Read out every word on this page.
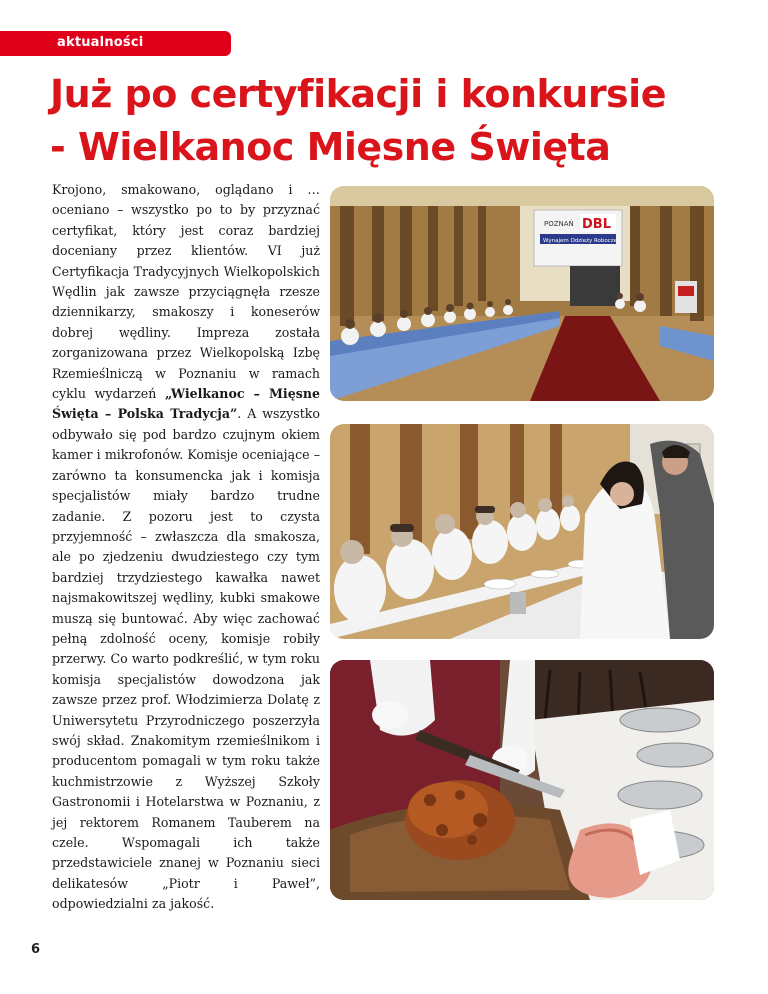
aktualności
Już po certyfikacji i konkursie
- Wielkanoc Mięsne Święta

Krojono, smakowano, oglądano i … oceniano – wszystko po to by przyznać certyfikat, który jest coraz bardziej doceniany przez klientów. VI już Certyfikacja Tradycyjnych Wielkopolskich Wędlin jak zawsze przyciągnęła rzesze dziennikarzy, smakoszy i koneserów dobrej wędliny. Impreza została zorganizowana przez Wielkopolską Izbę Rzemieślniczą w Poznaniu w ramach cyklu wydarzeń „Wielkanoc – Mięsne Święta – Polska Tradycja”. A wszystko odbywało się pod bardzo czujnym okiem kamer i mikrofonów. Komisje oceniające – zarówno ta konsumencka jak i komisja specjalistów miały bardzo trudne zadanie. Z pozoru jest to czysta przyjemność – zwłaszcza dla smakosza, ale po zjedzeniu dwudziestego czy tym bardziej trzydziestego kawałka nawet najsmakowitszej wędliny, kubki smakowe muszą się buntować. Aby więc zachować pełną zdolność oceny, komisje robiły przerwy. Co warto podkreślić, w tym roku komisja specjalistów dowodzona jak zawsze przez prof. Włodzimierza Dolatę z Uniwersytetu Przyrodniczego poszerzyła swój skład. Znakomitym rzemieślnikom i producentom pomagali w tym roku także kuchmistrzowie z Wyższej Szkoły Gastronomii i Hotelarstwa w Poznaniu, z jej rektorem Romanem Tauberem na czele. Wspomagali ich także przedstawiciele znanej w Poznaniu sieci delikatesów „Piotr i Paweł”, odpowiedzialni za jakość.

POZNAŃ DBL
Wynajem Odzieży Roboczej
6
